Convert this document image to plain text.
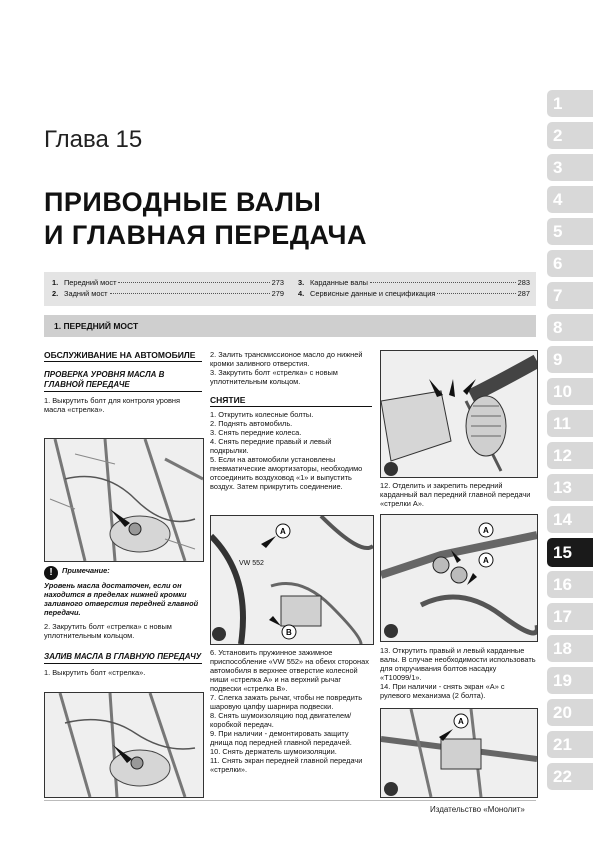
Глава 15
ПРИВОДНЫЕ ВАЛЫ
И ГЛАВНАЯ ПЕРЕДАЧА
1. Передний мост	273
2. Задний мост	279
3. Карданные валы	283
4. Сервисные данные и спецификация	287
1. ПЕРЕДНИЙ МОСТ
ОБСЛУЖИВАНИЕ НА АВТОМОБИЛЕ
ПРОВЕРКА УРОВНЯ МАСЛА В ГЛАВНОЙ ПЕРЕДАЧЕ

1. Выкрутить болт для контроля уровня масла «стрелка».

!	Примечание:

Уровень масла достаточен, если он находится в пределах нижней кромки заливного отверстия передней главной передачи.

2. Закрутить болт «стрелка» с новым уплотнительным кольцом.

ЗАЛИВ МАСЛА В ГЛАВНУЮ ПЕРЕДАЧУ

1. Выкрутить болт «стрелка».

2. Залить трансмиссионое масло до нижней кромки заливного отверстия.

3. Закрутить болт «стрелка» с новым уплотнительным кольцом.

СНЯТИЕ

1. Открутить колесные болты.

2. Поднять автомобиль.

3. Снять передние колеса.

4. Снять передние правый и левый подкрылки.

5. Если на автомобили установлены пневматические амортизаторы, необходимо отсоединить воздуховод «1» и выпустить воздух. Затем прикрутить соединение.

A
B
VW 552

6. Установить пружинное зажимное приспособление «VW 552» на обеих сторонах автомобиля в верхнее отверстие колесной ниши «стрелка А» и на верхний рычаг подвески «стрелка В».

7. Слегка зажать рычаг, чтобы не повредить шаровую цапфу шарнира подвески.

8. Снять шумоизоляцию под двигателем/коробкой передач.

9. При наличии - демонтировать защиту днища под передней главной передачей.

10. Снять держатель шумоизоляции.

11. Снять экран передней главной передачи «стрелки».

12. Отделить и закрепить передний карданный вал передний главной передачи «стрелки А».

A
A

13. Открутить правый и левый карданные валы. В случае необходимости использовать для откручивания болтов насадку «T10099/1».

14. При наличии - снять экран «А» с рулевого механизма (2 болта).

A
Издательство «Монолит»
1
2
3
4
5
6
7
8
9
10
11
12
13
14
15
16
17
18
19
20
21
22
